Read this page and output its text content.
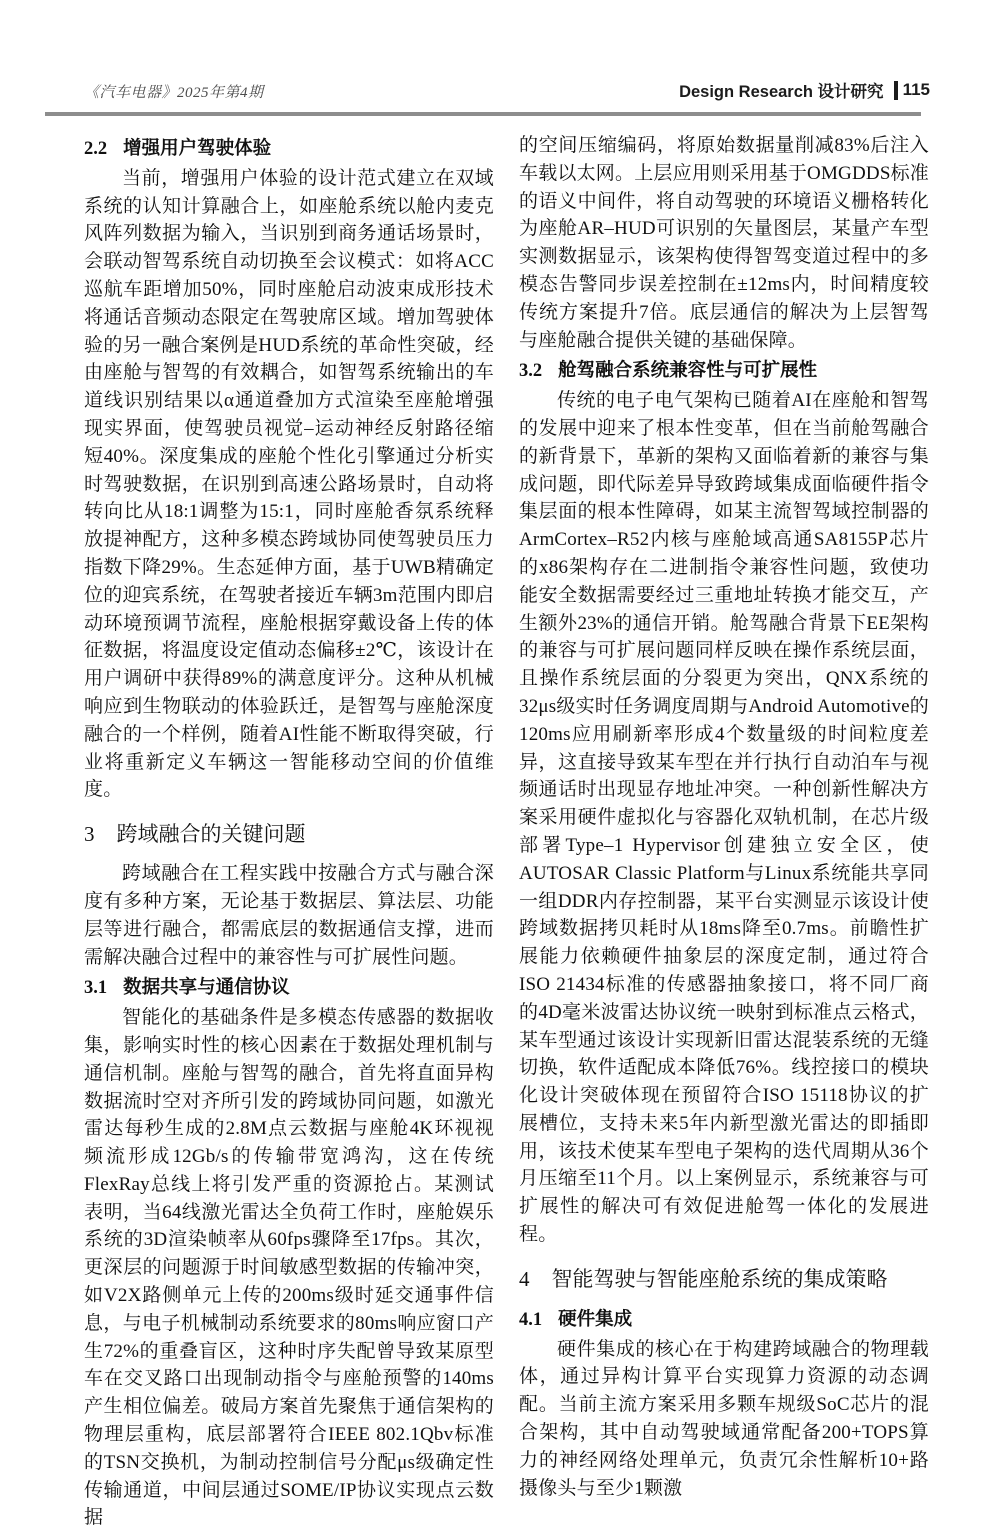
《汽车电器》2025年第4期	Design Research 设计研究 115
2.2 增强用户驾驶体验

当前，增强用户体验的设计范式建立在双域系统的认知计算融合上，如座舱系统以舱内麦克风阵列数据为输入，当识别到商务通话场景时，会联动智驾系统自动切换至会议模式：如将ACC巡航车距增加50%，同时座舱启动波束成形技术将通话音频动态限定在驾驶席区域。增加驾驶体验的另一融合案例是HUD系统的革命性突破，经由座舱与智驾的有效耦合，如智驾系统输出的车道线识别结果以α通道叠加方式渲染至座舱增强现实界面，使驾驶员视觉–运动神经反射路径缩短40%。深度集成的座舱个性化引擎通过分析实时驾驶数据，在识别到高速公路场景时，自动将转向比从18:1调整为15:1，同时座舱香氛系统释放提神配方，这种多模态跨域协同使驾驶员压力指数下降29%。生态延伸方面，基于UWB精确定位的迎宾系统，在驾驶者接近车辆3m范围内即启动环境预调节流程，座舱根据穿戴设备上传的体征数据，将温度设定值动态偏移±2℃，该设计在用户调研中获得89%的满意度评分。这种从机械响应到生物联动的体验跃迁，是智驾与座舱深度融合的一个样例，随着AI性能不断取得突破，行业将重新定义车辆这一智能移动空间的价值维度。

3 跨域融合的关键问题

跨域融合在工程实践中按融合方式与融合深度有多种方案，无论基于数据层、算法层、功能层等进行融合，都需底层的数据通信支撑，进而需解决融合过程中的兼容性与可扩展性问题。

3.1 数据共享与通信协议

智能化的基础条件是多模态传感器的数据收集，影响实时性的核心因素在于数据处理机制与通信机制。座舱与智驾的融合，首先将直面异构数据流时空对齐所引发的跨域协同问题，如激光雷达每秒生成的2.8M点云数据与座舱4K环视视频流形成12Gb/s的传输带宽鸿沟，这在传统FlexRay总线上将引发严重的资源抢占。某测试表明，当64线激光雷达全负荷工作时，座舱娱乐系统的3D渲染帧率从60fps骤降至17fps。其次，更深层的问题源于时间敏感型数据的传输冲突，如V2X路侧单元上传的200ms级时延交通事件信息，与电子机械制动系统要求的80ms响应窗口产生72%的重叠盲区，这种时序失配曾导致某原型车在交叉路口出现制动指令与座舱预警的140ms产生相位偏差。破局方案首先聚焦于通信架构的物理层重构，底层部署符合IEEE 802.1Qbv标准的TSN交换机，为制动控制信号分配μs级确定性传输通道，中间层通过SOME/IP协议实现点云数据

的空间压缩编码，将原始数据量削减83%后注入车载以太网。上层应用则采用基于OMGDDS标准的语义中间件，将自动驾驶的环境语义栅格转化为座舱AR–HUD可识别的矢量图层，某量产车型实测数据显示，该架构使得智驾变道过程中的多模态告警同步误差控制在±12ms内，时间精度较传统方案提升7倍。底层通信的解决为上层智驾与座舱融合提供关键的基础保障。

3.2 舱驾融合系统兼容性与可扩展性

传统的电子电气架构已随着AI在座舱和智驾的发展中迎来了根本性变革，但在当前舱驾融合的新背景下，革新的架构又面临着新的兼容与集成问题，即代际差异导致跨域集成面临硬件指令集层面的根本性障碍，如某主流智驾域控制器的ArmCortex–R52内核与座舱域高通SA8155P芯片的x86架构存在二进制指令兼容性问题，致使功能安全数据需要经过三重地址转换才能交互，产生额外23%的通信开销。舱驾融合背景下EE架构的兼容与可扩展问题同样反映在操作系统层面，且操作系统层面的分裂更为突出，QNX系统的32μs级实时任务调度周期与Android Automotive的120ms应用刷新率形成4个数量级的时间粒度差异，这直接导致某车型在并行执行自动泊车与视频通话时出现显存地址冲突。一种创新性解决方案采用硬件虚拟化与容器化双轨机制，在芯片级部署Type–1 Hypervisor创建独立安全区，使AUTOSAR Classic Platform与Linux系统能共享同一组DDR内存控制器，某平台实测显示该设计使跨域数据拷贝耗时从18ms降至0.7ms。前瞻性扩展能力依赖硬件抽象层的深度定制，通过符合ISO 21434标准的传感器抽象接口，将不同厂商的4D毫米波雷达协议统一映射到标准点云格式，某车型通过该设计实现新旧雷达混装系统的无缝切换，软件适配成本降低76%。线控接口的模块化设计突破体现在预留符合ISO 15118协议的扩展槽位，支持未来5年内新型激光雷达的即插即用，该技术使某车型电子架构的迭代周期从36个月压缩至11个月。以上案例显示，系统兼容与可扩展性的解决可有效促进舱驾一体化的发展进程。

4 智能驾驶与智能座舱系统的集成策略
4.1 硬件集成

硬件集成的核心在于构建跨域融合的物理载体，通过异构计算平台实现算力资源的动态调配。当前主流方案采用多颗车规级SoC芯片的混合架构，其中自动驾驶域通常配备200+TOPS算力的神经网络处理单元，负责冗余性解析10+路摄像头与至少1颗激
